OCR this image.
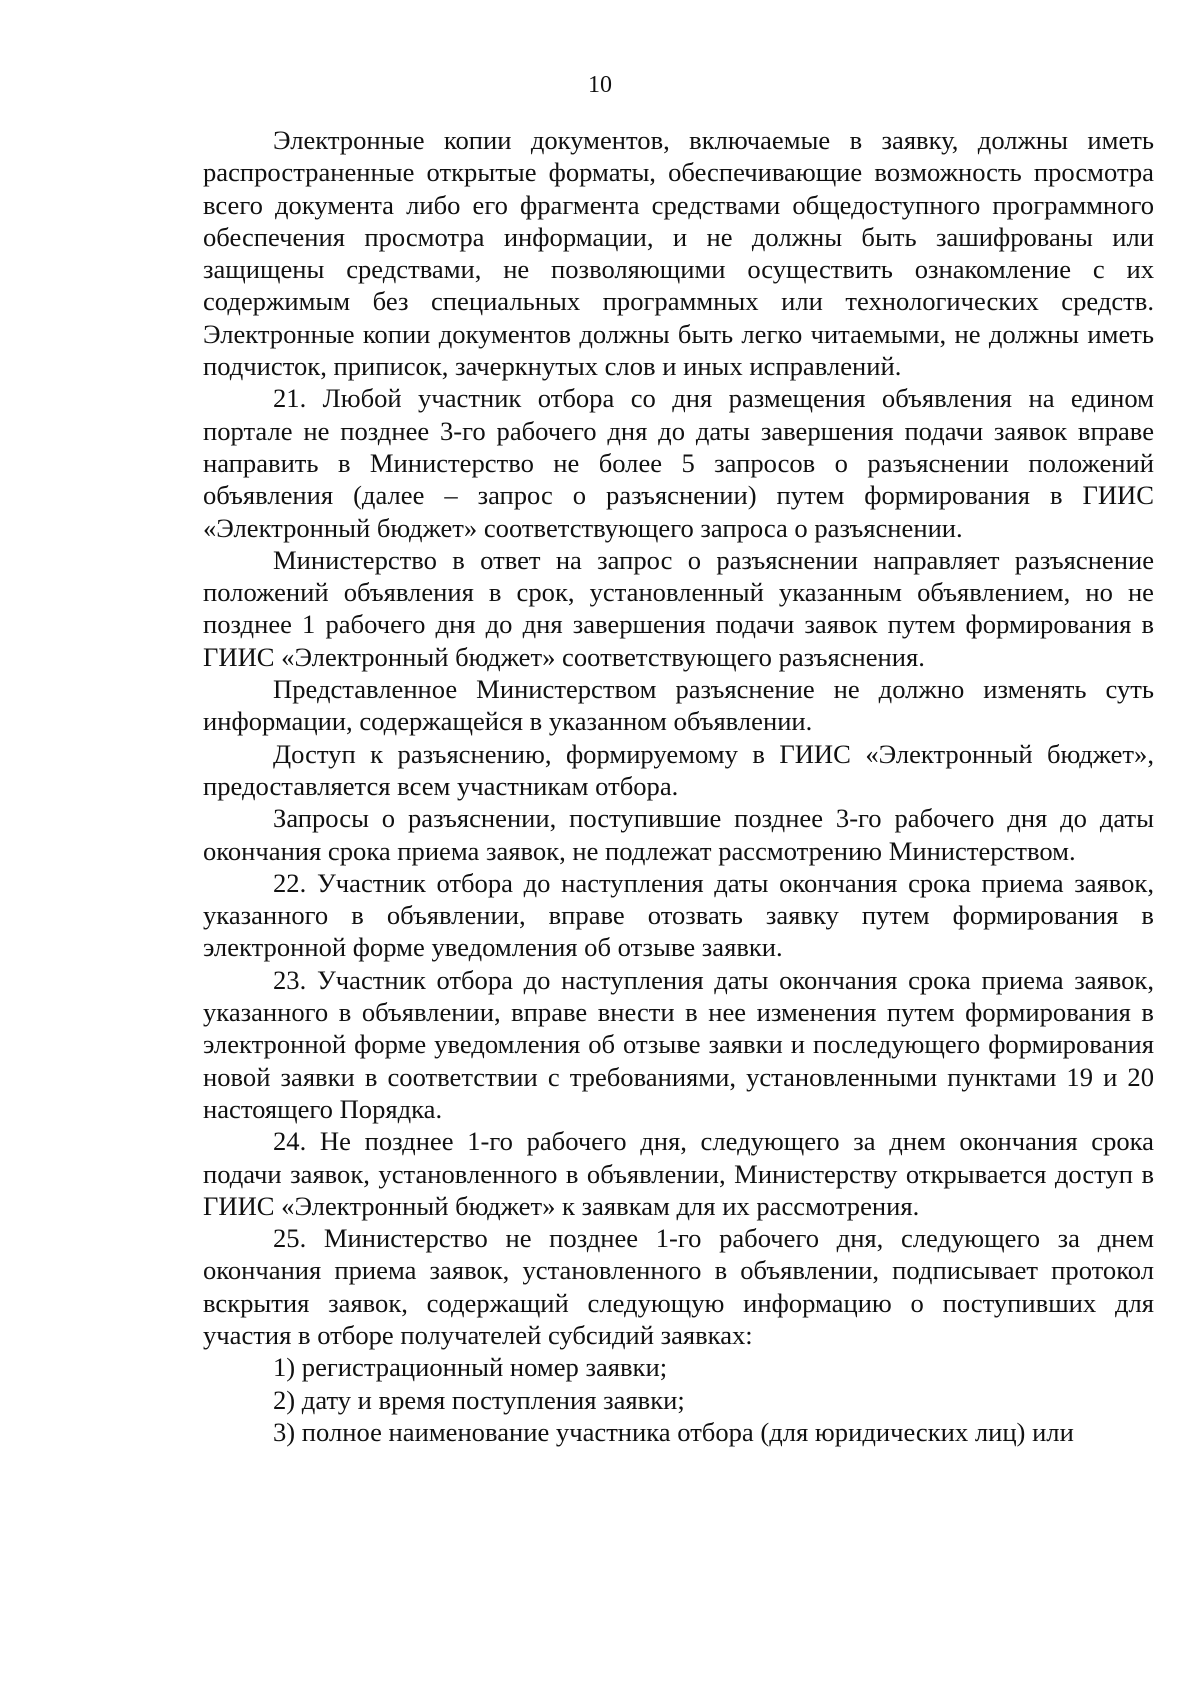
10

Электронные копии документов, включаемые в заявку, должны иметь распространенные открытые форматы, обеспечивающие возможность просмотра всего документа либо его фрагмента средствами общедоступного программного обеспечения просмотра информации, и не должны быть зашифрованы или защищены средствами, не позволяющими осуществить ознакомление с их содержимым без специальных программных или технологических средств. Электронные копии документов должны быть легко читаемыми, не должны иметь подчисток, приписок, зачеркнутых слов и иных исправлений.

21. Любой участник отбора со дня размещения объявления на едином портале не позднее 3-го рабочего дня до даты завершения подачи заявок вправе направить в Министерство не более 5 запросов о разъяснении положений объявления (далее – запрос о разъяснении) путем формирования в ГИИС «Электронный бюджет» соответствующего запроса о разъяснении.

Министерство в ответ на запрос о разъяснении направляет разъяснение положений объявления в срок, установленный указанным объявлением, но не позднее 1 рабочего дня до дня завершения подачи заявок путем формирования в ГИИС «Электронный бюджет» соответствующего разъяснения.

Представленное Министерством разъяснение не должно изменять суть информации, содержащейся в указанном объявлении.

Доступ к разъяснению, формируемому в ГИИС «Электронный бюджет», предоставляется всем участникам отбора.

Запросы о разъяснении, поступившие позднее 3-го рабочего дня до даты окончания срока приема заявок, не подлежат рассмотрению Министерством.

22. Участник отбора до наступления даты окончания срока приема заявок, указанного в объявлении, вправе отозвать заявку путем формирования в электронной форме уведомления об отзыве заявки.

23. Участник отбора до наступления даты окончания срока приема заявок, указанного в объявлении, вправе внести в нее изменения путем формирования в электронной форме уведомления об отзыве заявки и последующего формирования новой заявки в соответствии с требованиями, установленными пунктами 19 и 20 настоящего Порядка.

24. Не позднее 1-го рабочего дня, следующего за днем окончания срока подачи заявок, установленного в объявлении, Министерству открывается доступ в ГИИС «Электронный бюджет» к заявкам для их рассмотрения.

25. Министерство не позднее 1-го рабочего дня, следующего за днем окончания приема заявок, установленного в объявлении, подписывает протокол вскрытия заявок, содержащий следующую информацию о поступивших для участия в отборе получателей субсидий заявках:

1) регистрационный номер заявки;

2) дату и время поступления заявки;

3) полное наименование участника отбора (для юридических лиц) или
